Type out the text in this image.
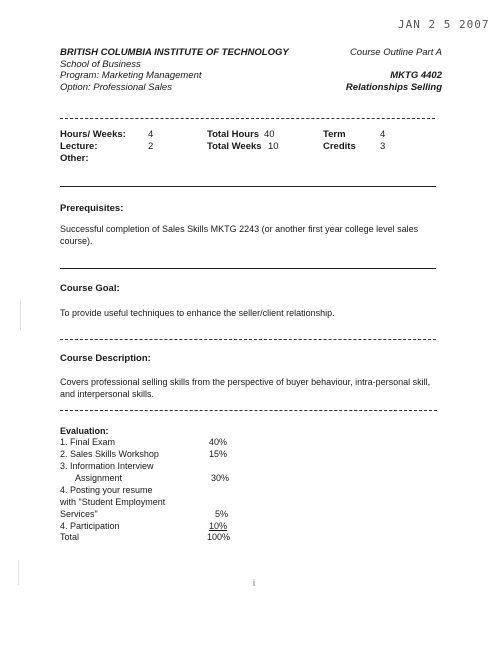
JAN 2 5 2007
BRITISH COLUMBIA INSTITUTE OF TECHNOLOGY
School of Business
Program: Marketing Management
Option: Professional Sales
Course Outline Part A
MKTG 4402
Relationships Selling
Hours/ Weeks: 4	Total Hours 40	Term	4
Lecture:	2	Total Weeks 10	Credits	3
Other:
Prerequisites:
Successful completion of Sales Skills MKTG 2243 (or another first year college level sales course).
Course Goal:
To provide useful techniques to enhance the seller/client relationship.
Course Description:
Covers professional selling skills from the perspective of buyer behaviour, intra-personal skill, and interpersonal skills.
Evaluation:
1. Final Exam	40%
2. Sales Skills Workshop	15%
3. Information Interview
Assignment	30%
4. Posting your resume
with "Student Employment
Services"	5%
4. Participation	10%
Total	100%
i
